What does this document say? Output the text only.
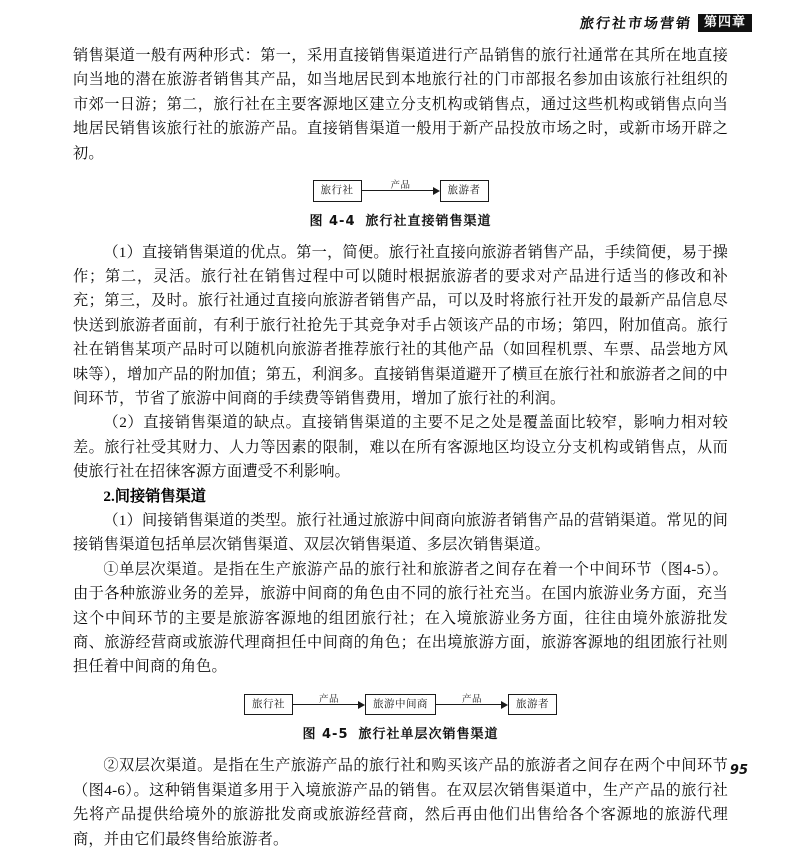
旅行社市场营销 第四章

销售渠道一般有两种形式：第一，采用直接销售渠道进行产品销售的旅行社通常在其所在地直接向当地的潜在旅游者销售其产品，如当地居民到本地旅行社的门市部报名参加由该旅行社组织的市郊一日游；第二，旅行社在主要客源地区建立分支机构或销售点，通过这些机构或销售点向当地居民销售该旅行社的旅游产品。直接销售渠道一般用于新产品投放市场之时，或新市场开辟之初。

旅行社	产品	旅游者
图 4-4 旅行社直接销售渠道

（1）直接销售渠道的优点。第一，简便。旅行社直接向旅游者销售产品，手续简便，易于操作；第二，灵活。旅行社在销售过程中可以随时根据旅游者的要求对产品进行适当的修改和补充；第三，及时。旅行社通过直接向旅游者销售产品，可以及时将旅行社开发的最新产品信息尽快送到旅游者面前，有利于旅行社抢先于其竞争对手占领该产品的市场；第四，附加值高。旅行社在销售某项产品时可以随机向旅游者推荐旅行社的其他产品（如回程机票、车票、品尝地方风味等），增加产品的附加值；第五，利润多。直接销售渠道避开了横亘在旅行社和旅游者之间的中间环节，节省了旅游中间商的手续费等销售费用，增加了旅行社的利润。

（2）直接销售渠道的缺点。直接销售渠道的主要不足之处是覆盖面比较窄，影响力相对较差。旅行社受其财力、人力等因素的限制，难以在所有客源地区均设立分支机构或销售点，从而使旅行社在招徕客源方面遭受不利影响。

2.间接销售渠道

（1）间接销售渠道的类型。旅行社通过旅游中间商向旅游者销售产品的营销渠道。常见的间接销售渠道包括单层次销售渠道、双层次销售渠道、多层次销售渠道。

①单层次渠道。是指在生产旅游产品的旅行社和旅游者之间存在着一个中间环节（图4-5）。由于各种旅游业务的差异，旅游中间商的角色由不同的旅行社充当。在国内旅游业务方面，充当这个中间环节的主要是旅游客源地的组团旅行社；在入境旅游业务方面，往往由境外旅游批发商、旅游经营商或旅游代理商担任中间商的角色；在出境旅游方面，旅游客源地的组团旅行社则担任着中间商的角色。

旅行社	产品	旅游中间商	产品	旅游者
图 4-5 旅行社单层次销售渠道

②双层次渠道。是指在生产旅游产品的旅行社和购买该产品的旅游者之间存在两个中间环节（图4-6）。这种销售渠道多用于入境旅游产品的销售。在双层次销售渠道中，生产产品的旅行社先将产品提供给境外的旅游批发商或旅游经营商，然后再由他们出售给各个客源地的旅游代理商，并由它们最终售给旅游者。

95
